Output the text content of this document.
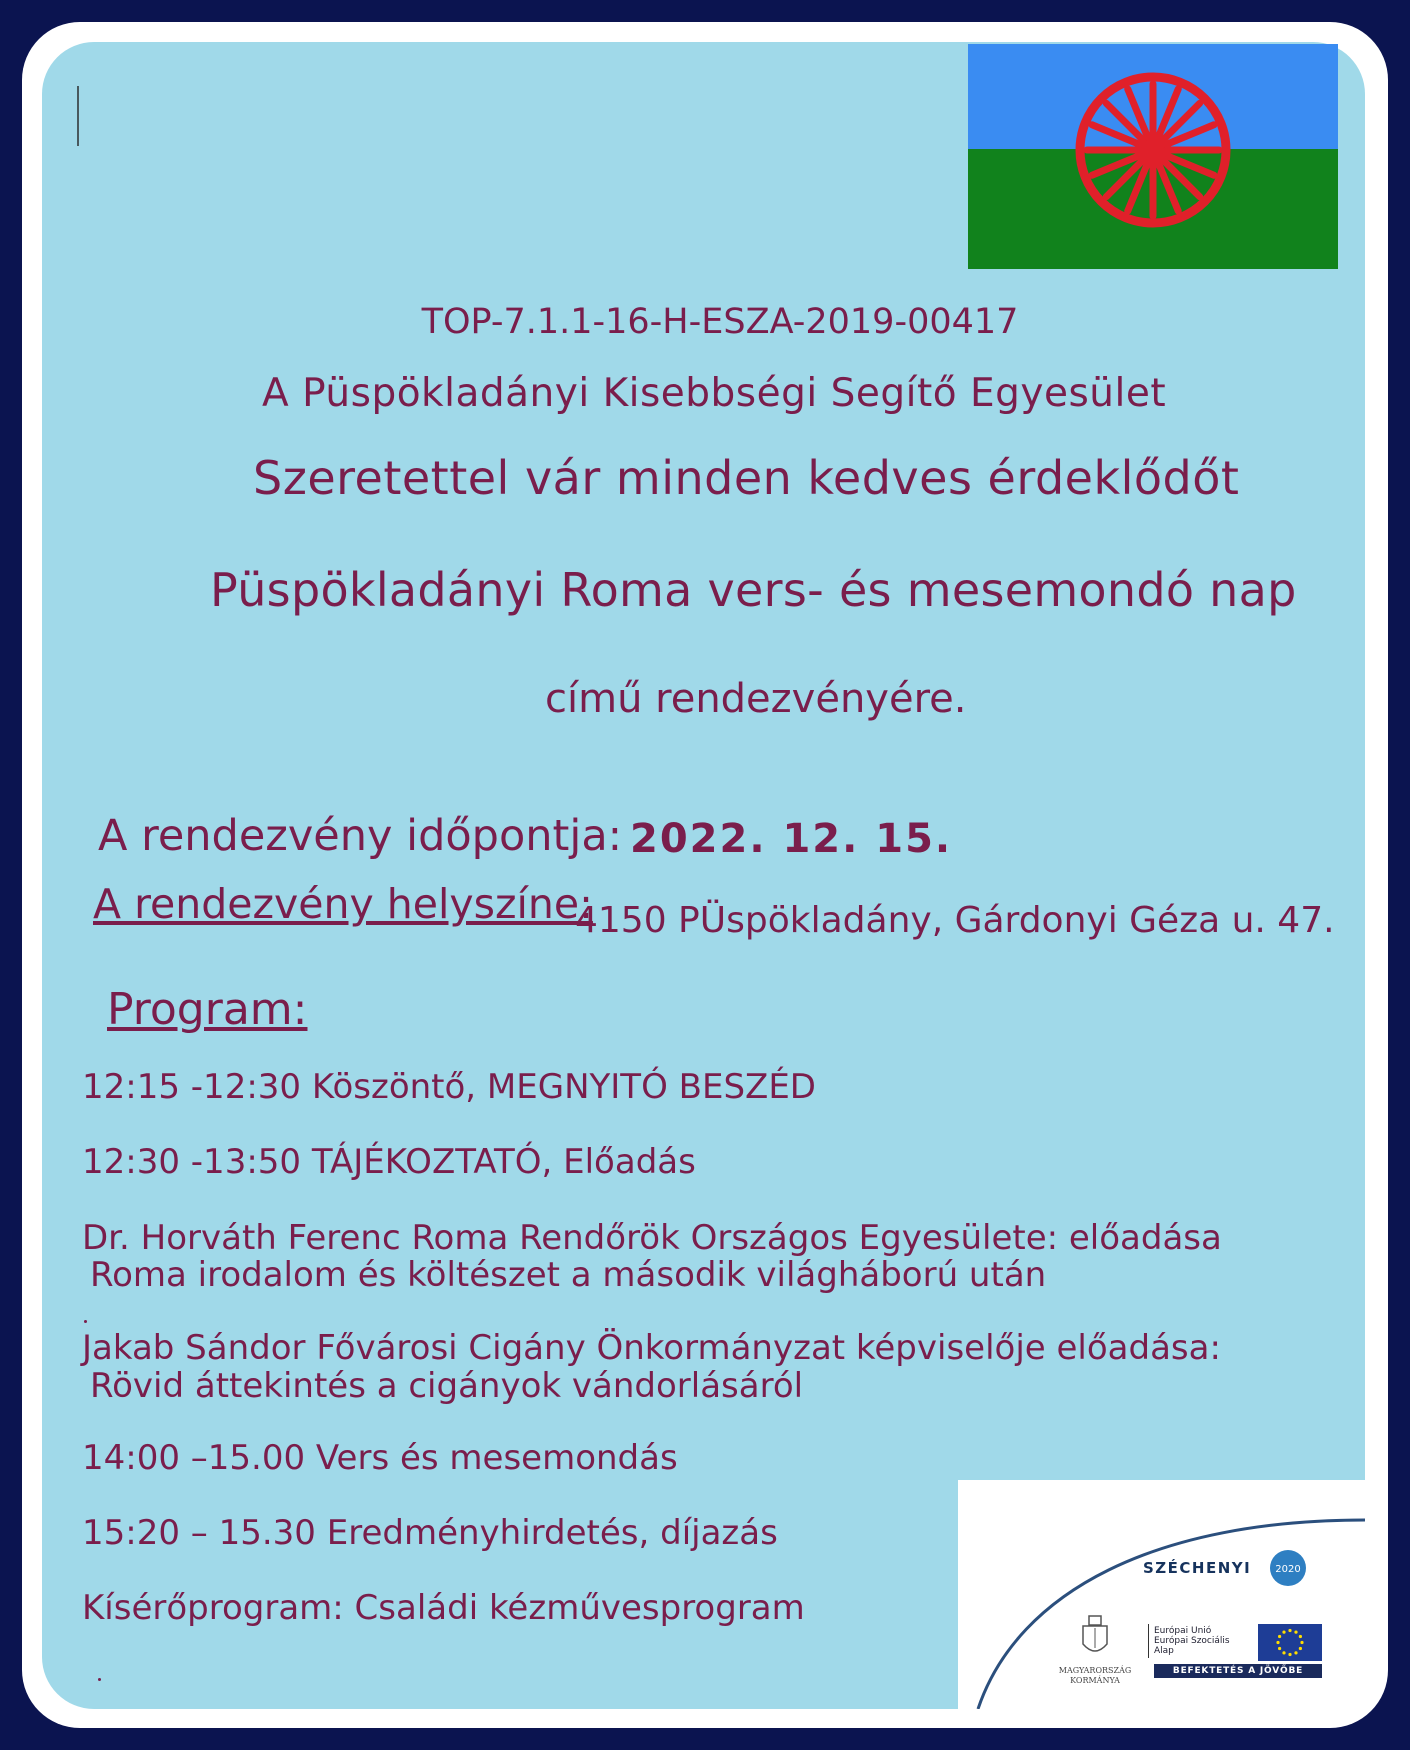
TOP-7.1.1-16-H-ESZA-2019-00417
A Püspökladányi Kisebbségi Segítő Egyesület
Szeretettel vár minden kedves érdeklődőt
Püspökladányi Roma vers- és mesemondó nap
című rendezvényére.
A rendezvény időpontja: 2022. 12. 15.
A rendezvény helyszíne:
4150 PÜspökladány, Gárdonyi Géza u. 47.
Program:
12:15 -12:30 Köszöntő, MEGNYITÓ BESZÉD
12:30 -13:50 TÁJÉKOZTATÓ, Előadás
Dr. Horváth Ferenc Roma Rendőrök Országos Egyesülete: előadása
Roma irodalom és költészet a második világháború után
Jakab Sándor Fővárosi Cigány Önkormányzat képviselője előadása:
Rövid áttekintés a cigányok vándorlásáról
14:00 –15.00 Vers és mesemondás
15:20 – 15.30 Eredményhirdetés, díjazás
Kísérőprogram: Családi kézművesprogram
SZÉCHENYI 2020
MAGYARORSZÁG
KORMÁNYA
Európai Unió
Európai Szociális
Alap
BEFEKTETÉS A JÖVŐBE
